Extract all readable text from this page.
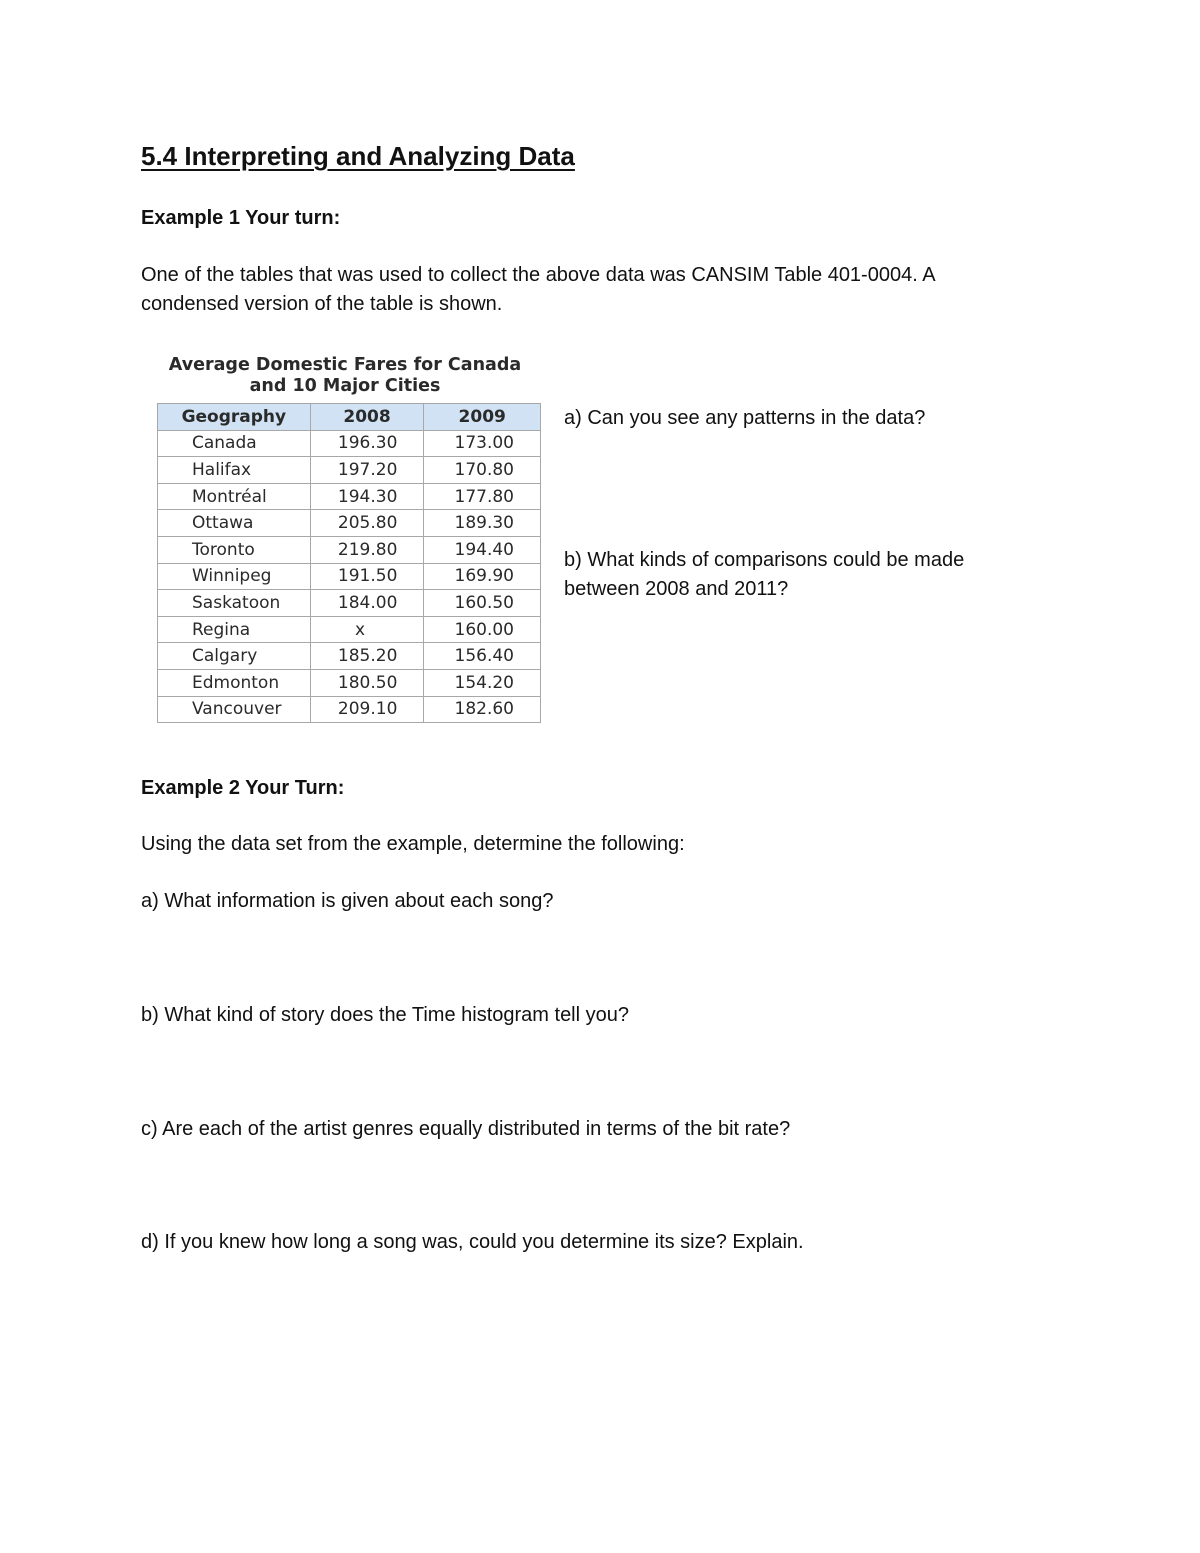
5.4 Interpreting and Analyzing Data
Example 1 Your turn:
One of the tables that was used to collect the above data was CANSIM Table 401-0004. A
condensed version of the table is shown.
Average Domestic Fares for Canada
and 10 Major Cities
Geography	2008	2009
Canada	196.30	173.00
Halifax	197.20	170.80
Montréal	194.30	177.80
Ottawa	205.80	189.30
Toronto	219.80	194.40
Winnipeg	191.50	169.90
Saskatoon	184.00	160.50
Regina	x	160.00
Calgary	185.20	156.40
Edmonton	180.50	154.20
Vancouver	209.10	182.60
a) Can you see any patterns in the data?
b) What kinds of comparisons could be made
between 2008 and 2011?
Example 2 Your Turn:
Using the data set from the example, determine the following:
a) What information is given about each song?
b) What kind of story does the Time histogram tell you?
c) Are each of the artist genres equally distributed in terms of the bit rate?
d) If you knew how long a song was, could you determine its size? Explain.
